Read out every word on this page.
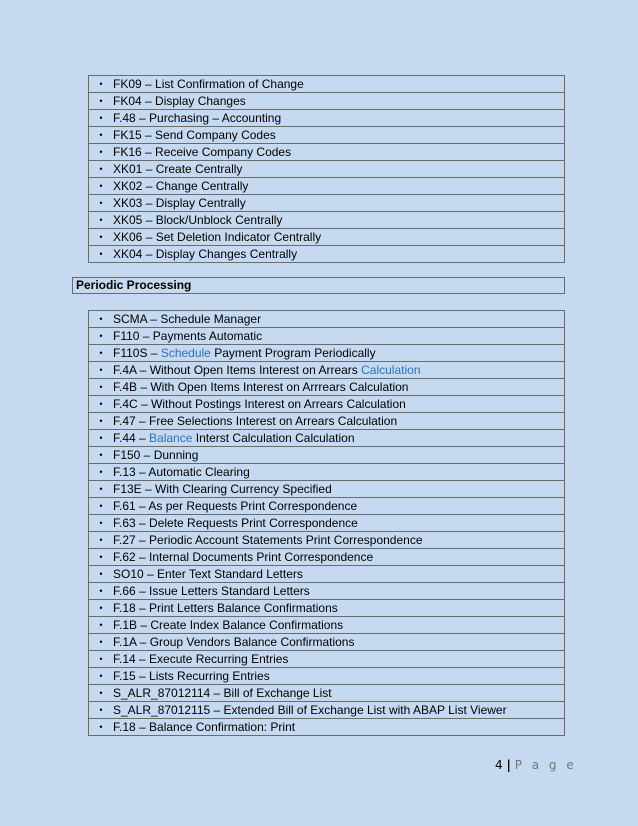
• FK09 – List Confirmation of Change

• FK04 – Display Changes

• F.48 – Purchasing – Accounting

• FK15 – Send Company Codes

• FK16 – Receive Company Codes

• XK01 – Create Centrally

• XK02 – Change Centrally

• XK03 – Display Centrally

• XK05 – Block/Unblock Centrally

• XK06 – Set Deletion Indicator Centrally

• XK04 – Display Changes Centrally
Periodic Processing
• SCMA – Schedule Manager

• F110 – Payments Automatic

• F110S – Schedule Payment Program Periodically

• F.4A – Without Open Items Interest on Arrears Calculation

• F.4B – With Open Items Interest on Arrrears Calculation

• F.4C – Without Postings Interest on Arrears Calculation

• F.47 – Free Selections Interest on Arrears Calculation

• F.44 – Balance Interst Calculation Calculation

• F150 – Dunning

• F.13 – Automatic Clearing

• F13E – With Clearing Currency Specified

• F.61 – As per Requests Print Correspondence

• F.63 – Delete Requests Print Correspondence

• F.27 – Periodic Account Statements Print Correspondence

• F.62 – Internal Documents Print Correspondence

• SO10 – Enter Text Standard Letters

• F.66 – Issue Letters Standard Letters

• F.18 – Print Letters Balance Confirmations

• F.1B – Create Index Balance Confirmations

• F.1A – Group Vendors Balance Confirmations

• F.14 – Execute Recurring Entries

• F.15 – Lists Recurring Entries

• S_ALR_87012114 – Bill of Exchange List

• S_ALR_87012115 – Extended Bill of Exchange List with ABAP List Viewer

• F.18 – Balance Confirmation: Print
4 | P a g e
